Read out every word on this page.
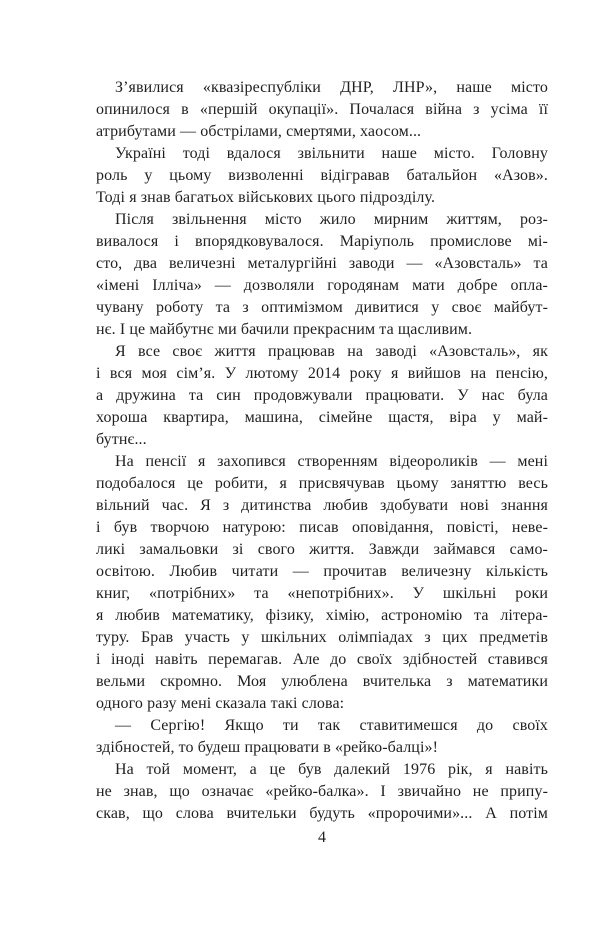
Зʼявилися «квазіреспубліки ДНР, ЛНР», наше місто
опинилося в «першій окупації». Почалася війна з усіма її
атрибутами — обстрілами, смертями, хаосом...
Україні тоді вдалося звільнити наше місто. Головну
роль у цьому визволенні відігравав батальйон «Азов».
Тоді я знав багатьох військових цього підрозділу.
Після звільнення місто жило мирним життям, роз-
вивалося і впорядковувалося. Маріуполь промислове мі-
сто, два величезні металургійні заводи — «Азовсталь» та
«імені Ілліча» — дозволяли городянам мати добре опла-
чувану роботу та з оптимізмом дивитися у своє майбут-
нє. І це майбутнє ми бачили прекрасним та щасливим.
Я все своє життя працював на заводі «Азовсталь», як
і вся моя сімʼя. У лютому 2014 року я вийшов на пенсію,
а дружина та син продовжували працювати. У нас була
хороша квартира, машина, сімейне щастя, віра у май-
бутнє...
На пенсії я захопився створенням відеороликів — мені
подобалося це робити, я присвячував цьому заняттю весь
вільний час. Я з дитинства любив здобувати нові знання
і був творчою натурою: писав оповідання, повісті, неве-
ликі замальовки зі свого життя. Завжди займався само-
освітою. Любив читати — прочитав величезну кількість
книг, «потрібних» та «непотрібних». У шкільні роки
я любив математику, фізику, хімію, астрономію та літера-
туру. Брав участь у шкільних олімпіадах з цих предметів
і іноді навіть перемагав. Але до своїх здібностей ставився
вельми скромно. Моя улюблена вчителька з математики
одного разу мені сказала такі слова:
— Сергію! Якщо ти так ставитимешся до своїх
здібностей, то будеш працювати в «рейко-балці»!
На той момент, а це був далекий 1976 рік, я навіть
не знав, що означає «рейко-балка». І звичайно не припу-
скав, що слова вчительки будуть «пророчими»... А потім
4
